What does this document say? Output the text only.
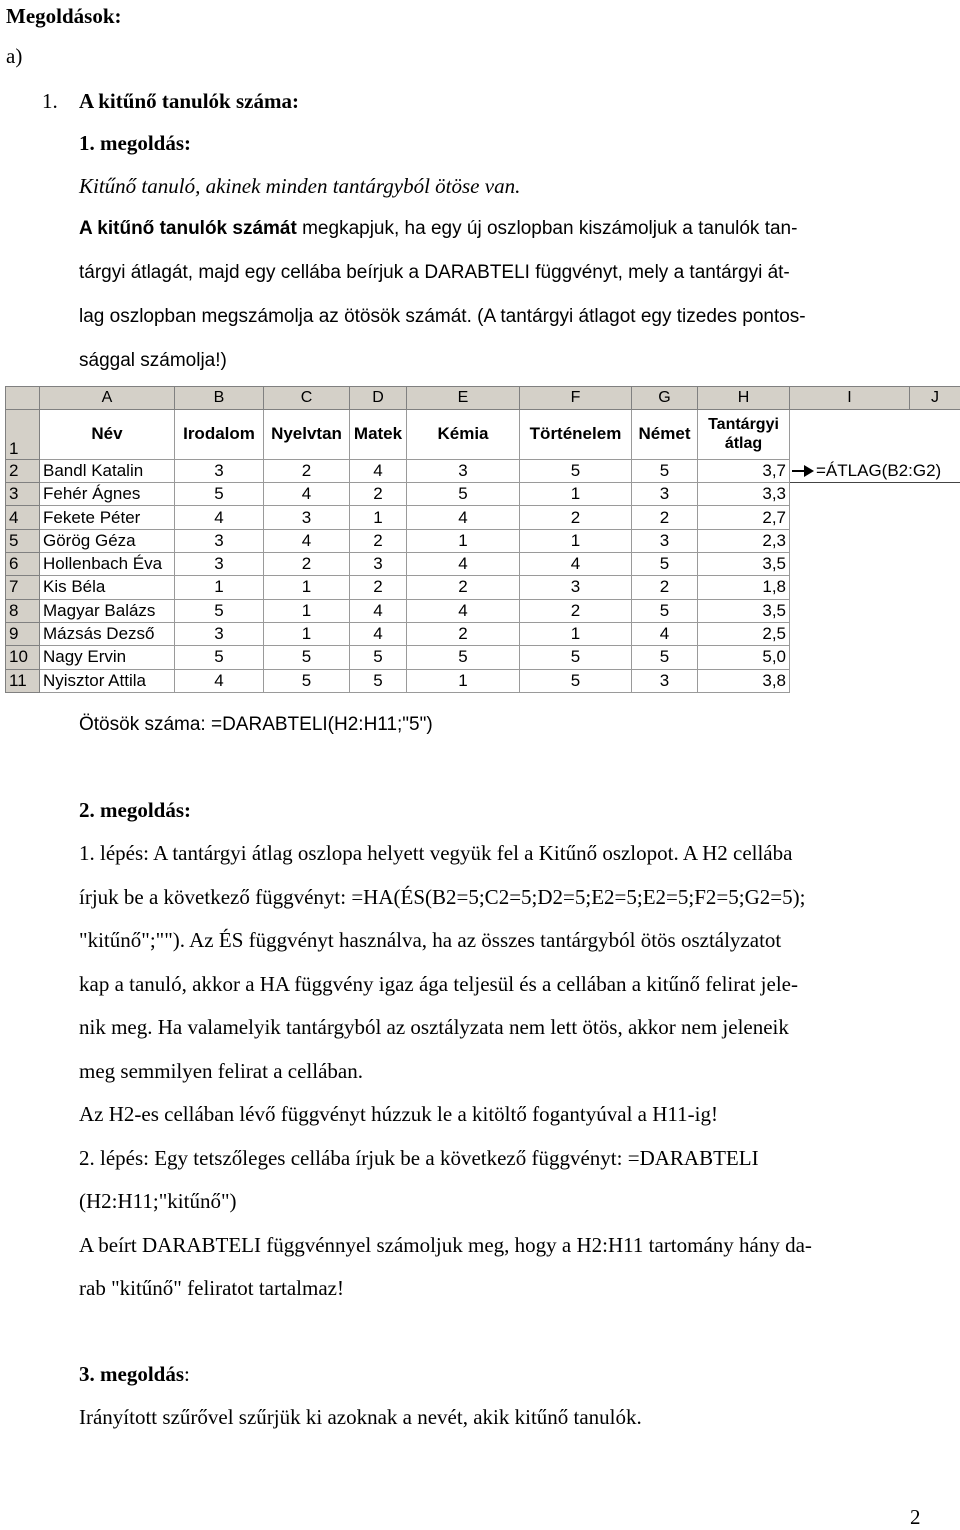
Megoldások:
a)
1. A kitűnő tanulók száma:
1. megoldás:
Kitűnő tanuló, akinek minden tantárgyból ötöse van.
A kitűnő tanulók számát megkapjuk, ha egy új oszlopban kiszámoljuk a tanulók tan-
tárgyi átlagát, majd egy cellába beírjuk a DARABTELI függvényt, mely a tantárgyi át-
lag oszlopban megszámolja az ötösök számát. (A tantárgyi átlagot egy tizedes pontos-
sággal számolja!)
	A	B	C	D	E	F	G	H	I	J
1	Név	Irodalom	Nyelvtan	Matek	Kémia	Történelem	Német	Tantárgyi átlag		
2	Bandl Katalin	3	2	4	3	5	5	3,7	=ÁTLAG(B2:G2)	
3	Fehér Ágnes	5	4	2	5	1	3	3,3		
4	Fekete Péter	4	3	1	4	2	2	2,7		
5	Görög Géza	3	4	2	1	1	3	2,3		
6	Hollenbach Éva	3	2	3	4	4	5	3,5		
7	Kis Béla	1	1	2	2	3	2	1,8		
8	Magyar Balázs	5	1	4	4	2	5	3,5		
9	Mázsás Dezső	3	1	4	2	1	4	2,5		
10	Nagy Ervin	5	5	5	5	5	5	5,0		
11	Nyisztor Attila	4	5	5	1	5	3	3,8		
Ötösök száma: =DARABTELI(H2:H11;"5")
2. megoldás:
1. lépés: A tantárgyi átlag oszlopa helyett vegyük fel a Kitűnő oszlopot. A H2 cellába
írjuk be a következő függvényt: =HA(ÉS(B2=5;C2=5;D2=5;E2=5;E2=5;F2=5;G2=5);
"kitűnő";""). Az ÉS függvényt használva, ha az összes tantárgyból ötös osztályzatot
kap a tanuló, akkor a HA függvény igaz ága teljesül és a cellában a kitűnő felirat jele-
nik meg. Ha valamelyik tantárgyból az osztályzata nem lett ötös, akkor nem jeleneik
meg semmilyen felirat a cellában.
Az H2-es cellában lévő függvényt húzzuk le a kitöltő fogantyúval a H11-ig!
2. lépés: Egy tetszőleges cellába írjuk be a következő függvényt: =DARABTELI
(H2:H11;"kitűnő")
A beírt DARABTELI függvénnyel számoljuk meg, hogy a H2:H11 tartomány hány da-
rab "kitűnő" feliratot tartalmaz!
3. megoldás:
Irányított szűrővel szűrjük ki azoknak a nevét, akik kitűnő tanulók.
2
